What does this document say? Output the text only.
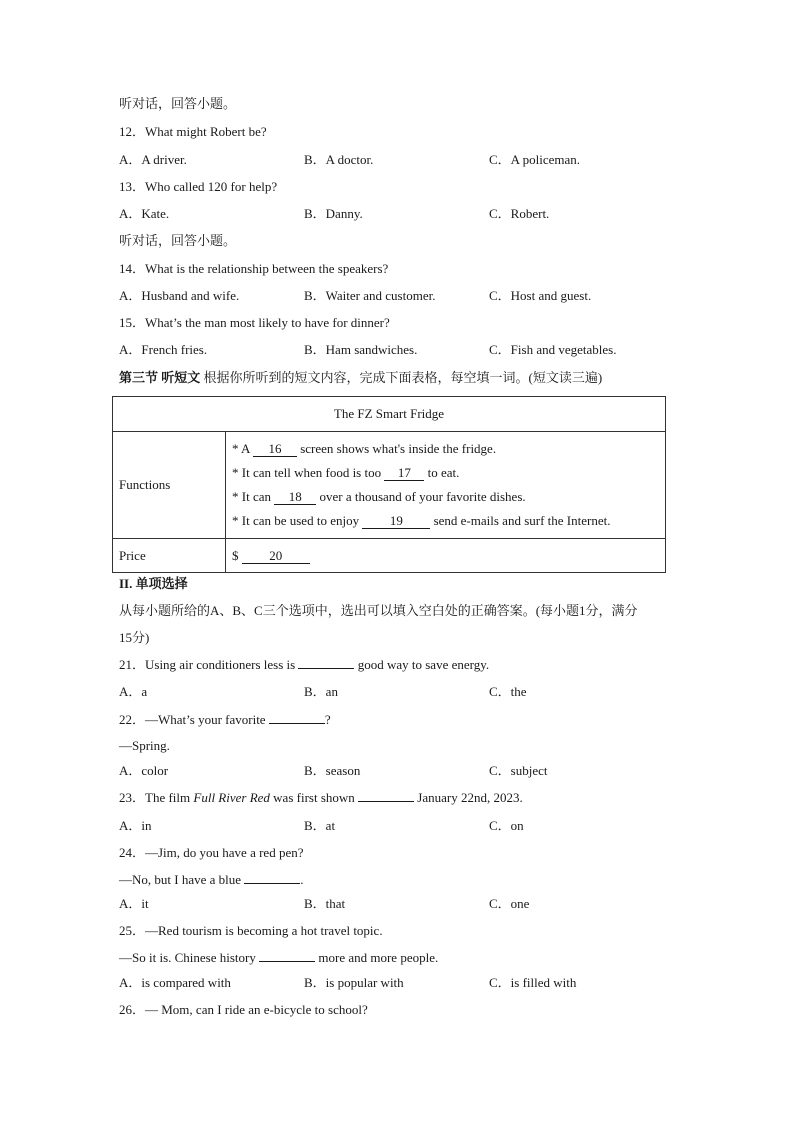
听对话，回答小题。
12．What might Robert be?
A．A driver.	B．A doctor.	C．A policeman.
13．Who called 120 for help?
A．Kate.	B．Danny.	C．Robert.
听对话，回答小题。
14．What is the relationship between the speakers?
A．Husband and wife.	B．Waiter and customer.	C．Host and guest.
15．What’s the man most likely to have for dinner?
A．French fries.	B．Ham sandwiches.	C．Fish and vegetables.
第三节 听短文 根据你所听到的短文内容，完成下面表格，每空填一词。(短文读三遍)
The FZ Smart Fridge	
Functions	* A 16 screen shows what's inside the fridge.
* It can tell when food is too 17 to eat.
* It can 18 over a thousand of your favorite dishes.
* It can be used to enjoy 19 send e-mails and surf the Internet.

Price	$ 20
II. 单项选择
从每小题所给的A、B、C三个选项中，选出可以填入空白处的正确答案。(每小题1分，满分
15分)
21．Using air conditioners less is	good way to save energy.
A．a	B．an	C．the
22．—What’s your favorite	?
—Spring.
A．color	B．season	C．subject
23．The film Full River Red was first shown	January 22nd, 2023.
A．in	B．at	C．on
24．—Jim, do you have a red pen?
—No, but I have a blue	.
A．it	B．that	C．one
25．—Red tourism is becoming a hot travel topic.
—So it is. Chinese history	more and more people.
A．is compared with	B．is popular with	C．is filled with
26．— Mom, can I ride an e-bicycle to school?
